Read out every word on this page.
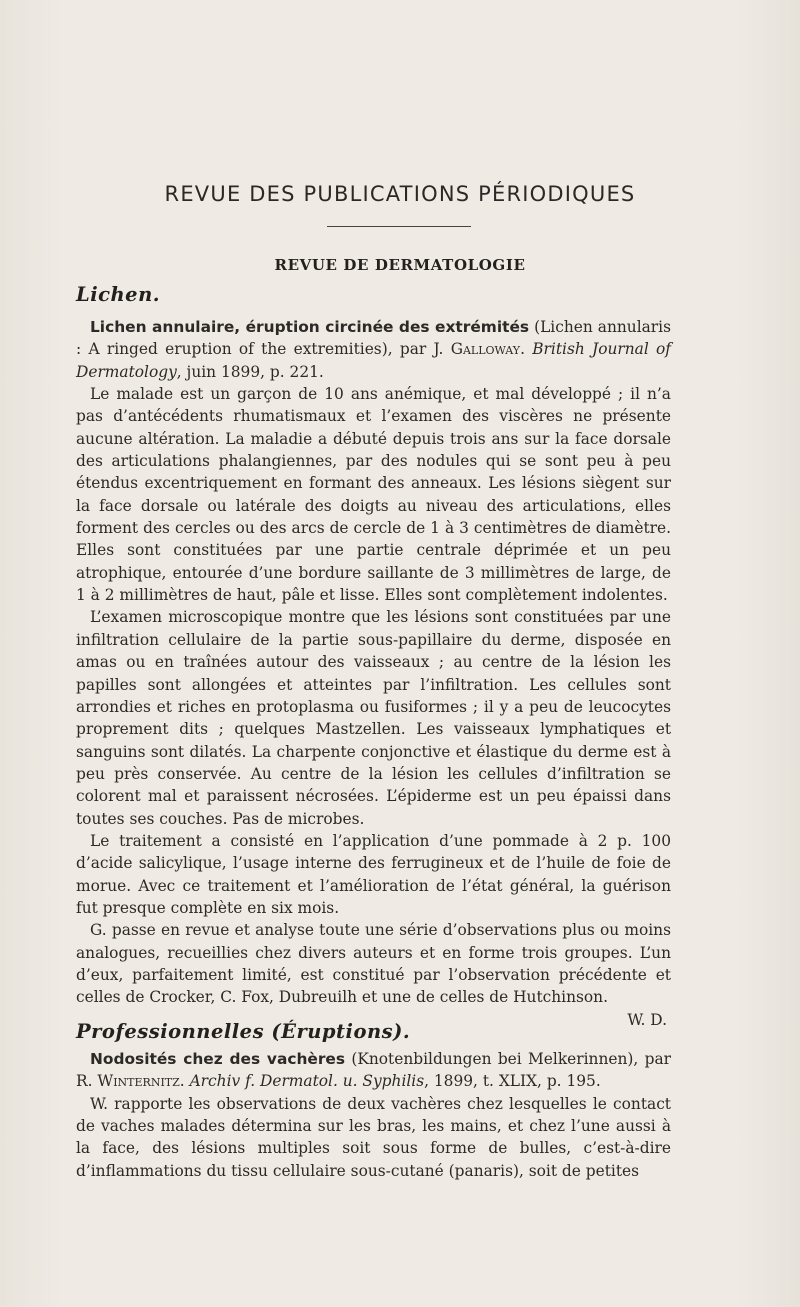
REVUE DES PUBLICATIONS PÉRIODIQUES
REVUE DE DERMATOLOGIE
Lichen.

Lichen annulaire, éruption circinée des extrémités (Lichen annularis : A ringed eruption of the extremities), par J. Galloway. British Journal of Dermatology, juin 1899, p. 221.

Le malade est un garçon de 10 ans anémique, et mal développé ; il n’a pas d’antécédents rhumatismaux et l’examen des viscères ne présente aucune altération. La maladie a débuté depuis trois ans sur la face dorsale des articulations phalangiennes, par des nodules qui se sont peu à peu étendus excentriquement en formant des anneaux. Les lésions siègent sur la face dorsale ou latérale des doigts au niveau des articulations, elles forment des cercles ou des arcs de cercle de 1 à 3 centimètres de diamètre. Elles sont constituées par une partie centrale déprimée et un peu atrophique, entourée d’une bordure saillante de 3 millimètres de large, de 1 à 2 millimètres de haut, pâle et lisse. Elles sont complètement indolentes.

L’examen microscopique montre que les lésions sont constituées par une infiltration cellulaire de la partie sous-papillaire du derme, disposée en amas ou en traînées autour des vaisseaux ; au centre de la lésion les papilles sont allongées et atteintes par l’infiltration. Les cellules sont arrondies et riches en protoplasma ou fusiformes ; il y a peu de leucocytes proprement dits ; quelques Mastzellen. Les vaisseaux lymphatiques et sanguins sont dilatés. La charpente conjonctive et élastique du derme est à peu près conservée. Au centre de la lésion les cellules d’infiltration se colorent mal et paraissent nécrosées. L’épiderme est un peu épaissi dans toutes ses couches. Pas de microbes.

Le traitement a consisté en l’application d’une pommade à 2 p. 100 d’acide salicylique, l’usage interne des ferrugineux et de l’huile de foie de morue. Avec ce traitement et l’amélioration de l’état général, la guérison fut presque complète en six mois.

G. passe en revue et analyse toute une série d’observations plus ou moins analogues, recueillies chez divers auteurs et en forme trois groupes. L’un d’eux, parfaitement limité, est constitué par l’observation précédente et celles de Crocker, C. Fox, Dubreuilh et une de celles de Hutchinson.

W. D.

Professionnelles (Éruptions).

Nodosités chez des vachères (Knotenbildungen bei Melkerinnen), par R. Winternitz. Archiv f. Dermatol. u. Syphilis, 1899, t. XLIX, p. 195.

W. rapporte les observations de deux vachères chez lesquelles le contact de vaches malades détermina sur les bras, les mains, et chez l’une aussi à la face, des lésions multiples soit sous forme de bulles, c’est-à-dire d’inflammations du tissu cellulaire sous-cutané (panaris), soit de petites
